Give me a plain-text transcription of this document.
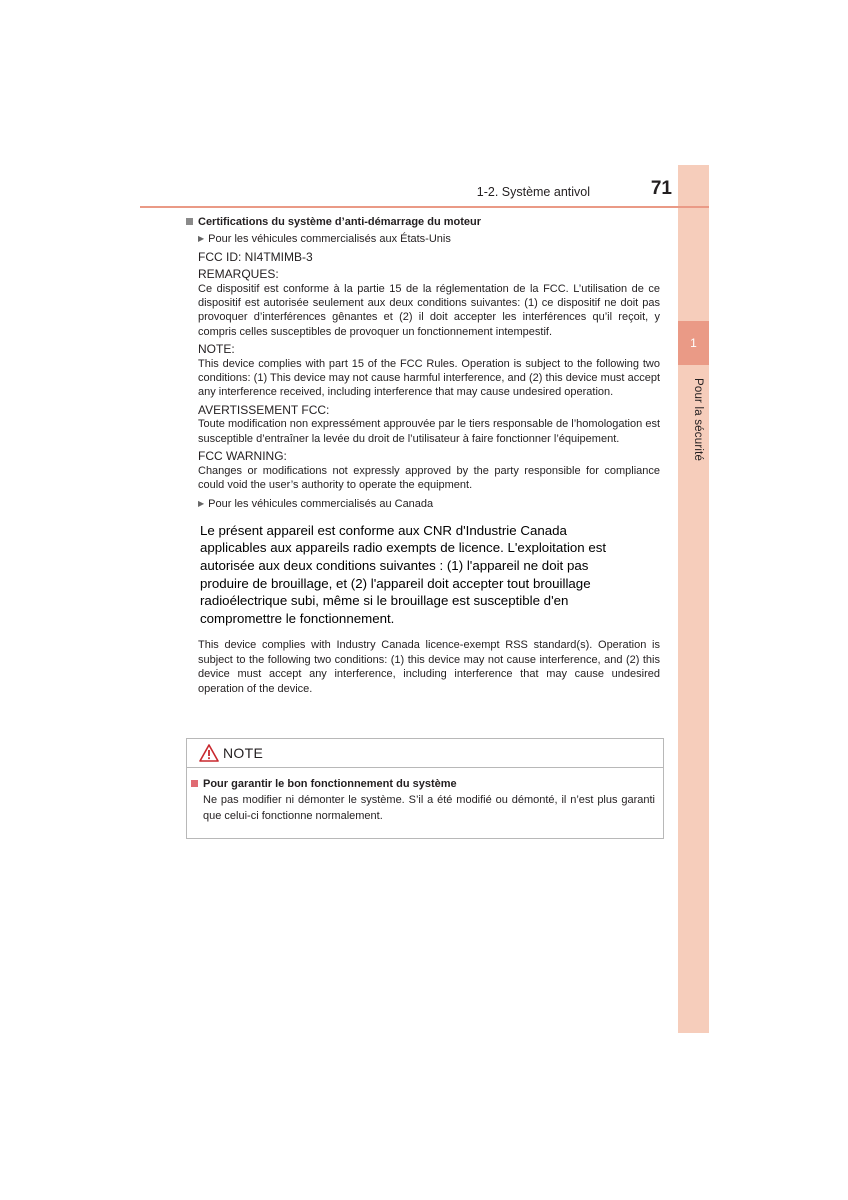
1
Pour la sécurité
1-2. Système antivol	71
Certifications du système d’anti-démarrage du moteur
▶ Pour les véhicules commercialisés aux États-Unis
FCC ID: NI4TMIMB-3
REMARQUES:
Ce dispositif est conforme à la partie 15 de la réglementation de la FCC. L’utilisation de ce dispositif est autorisée seulement aux deux conditions suivantes: (1) ce dispositif ne doit pas provoquer d’interférences gênantes et (2) il doit accepter les interférences qu’il reçoit, y compris celles susceptibles de provoquer un fonctionnement intempestif.
NOTE:
This device complies with part 15 of the FCC Rules. Operation is subject to the following two conditions: (1) This device may not cause harmful interference, and (2) this device must accept any interference received, including interference that may cause undesired operation.
AVERTISSEMENT FCC:
Toute modification non expressément approuvée par le tiers responsable de l’homologation est susceptible d’entraîner la levée du droit de l’utilisateur à faire fonctionner l’équipement.
FCC WARNING:
Changes or modifications not expressly approved by the party responsible for compliance could void the user’s authority to operate the equipment.
▶ Pour les véhicules commercialisés au Canada
Le présent appareil est conforme aux CNR d'Industrie Canada
applicables aux appareils radio exempts de licence. L'exploitation est
autorisée aux deux conditions suivantes : (1) l'appareil ne doit pas
produire de brouillage, et (2) l'appareil doit accepter tout brouillage
radioélectrique subi, même si le brouillage est susceptible d'en
compromettre le fonctionnement.
This device complies with Industry Canada licence-exempt RSS standard(s). Operation is subject to the following two conditions: (1) this device may not cause interference, and (2) this device must accept any interference, including interference that may cause undesired operation of the device.
NOTE
Pour garantir le bon fonctionnement du système
Ne pas modifier ni démonter le système. S’il a été modifié ou démonté, il n’est plus garanti que celui-ci fonctionne normalement.
